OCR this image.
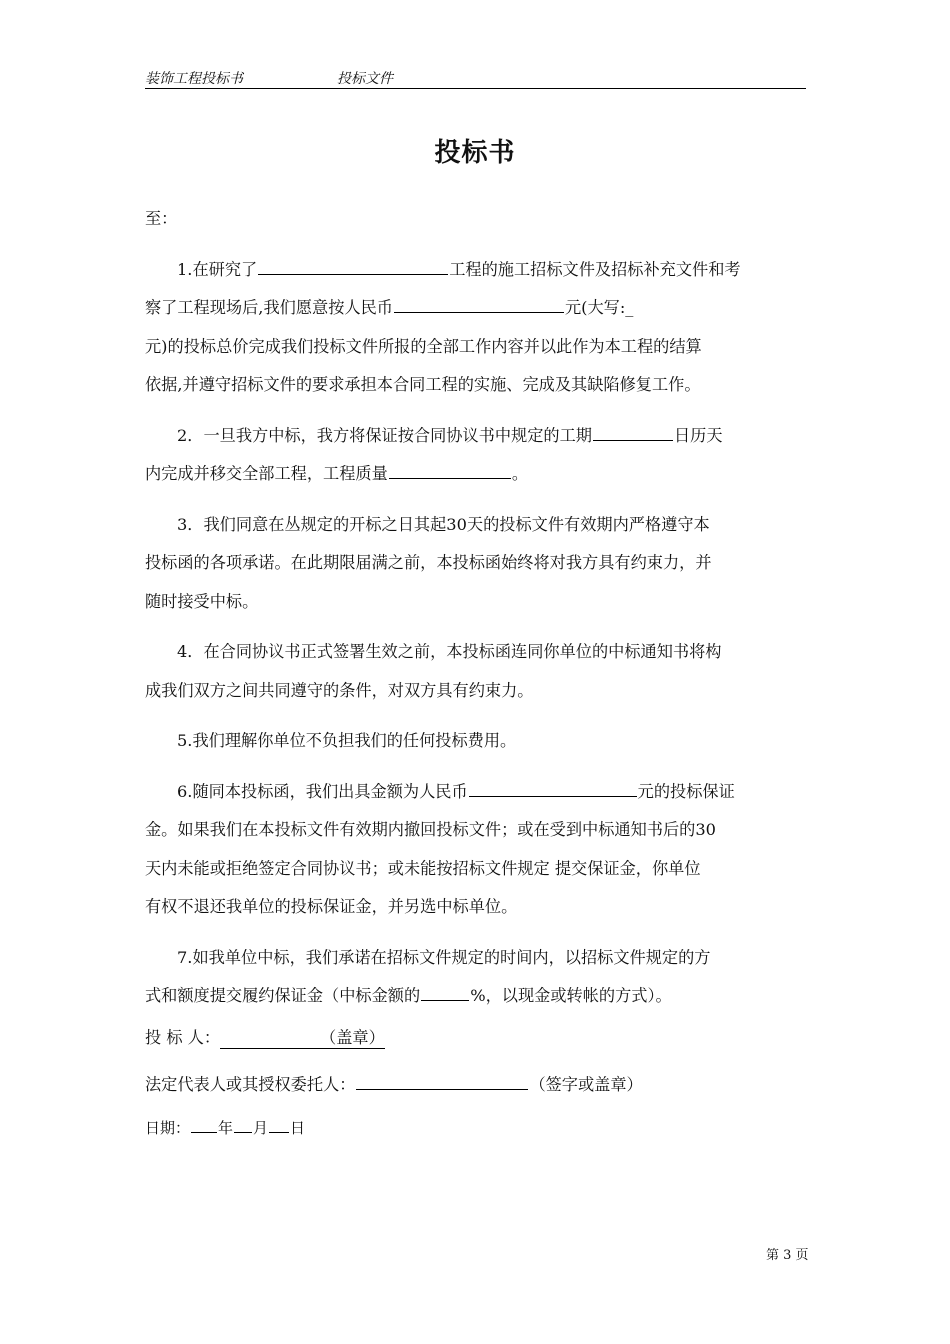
装饰工程投标书	投标文件
投标书
至：
1.在研究了	工程的施工招标文件及招标补充文件和考
察了工程现场后,我们愿意按人民币	元(大写:_
元)的投标总价完成我们投标文件所报的全部工作内容并以此作为本工程的结算
依据,并遵守招标文件的要求承担本合同工程的实施、完成及其缺陷修复工作。
2．一旦我方中标，我方将保证按合同协议书中规定的工期	日历天
内完成并移交全部工程，工程质量	。
3．我们同意在丛规定的开标之日其起30天的投标文件有效期内严格遵守本
投标函的各项承诺。在此期限届满之前，本投标函始终将对我方具有约束力，并
随时接受中标。
4．在合同协议书正式签署生效之前，本投标函连同你单位的中标通知书将构
成我们双方之间共同遵守的条件，对双方具有约束力。
5.我们理解你单位不负担我们的任何投标费用。
6.随同本投标函，我们出具金额为人民币	元的投标保证
金。如果我们在本投标文件有效期内撤回投标文件；或在受到中标通知书后的30
天内未能或拒绝签定合同协议书；或未能按招标文件规定 提交保证金，你单位
有权不退还我单位的投标保证金，并另选中标单位。
7.如我单位中标，我们承诺在招标文件规定的时间内，以招标文件规定的方
式和额度提交履约保证金（中标金额的	%，以现金或转帐的方式）。
投 标 人：	（盖章）
法定代表人或其授权委托人：	（签字或盖章）
日期： 年 月 日
第 3 页
